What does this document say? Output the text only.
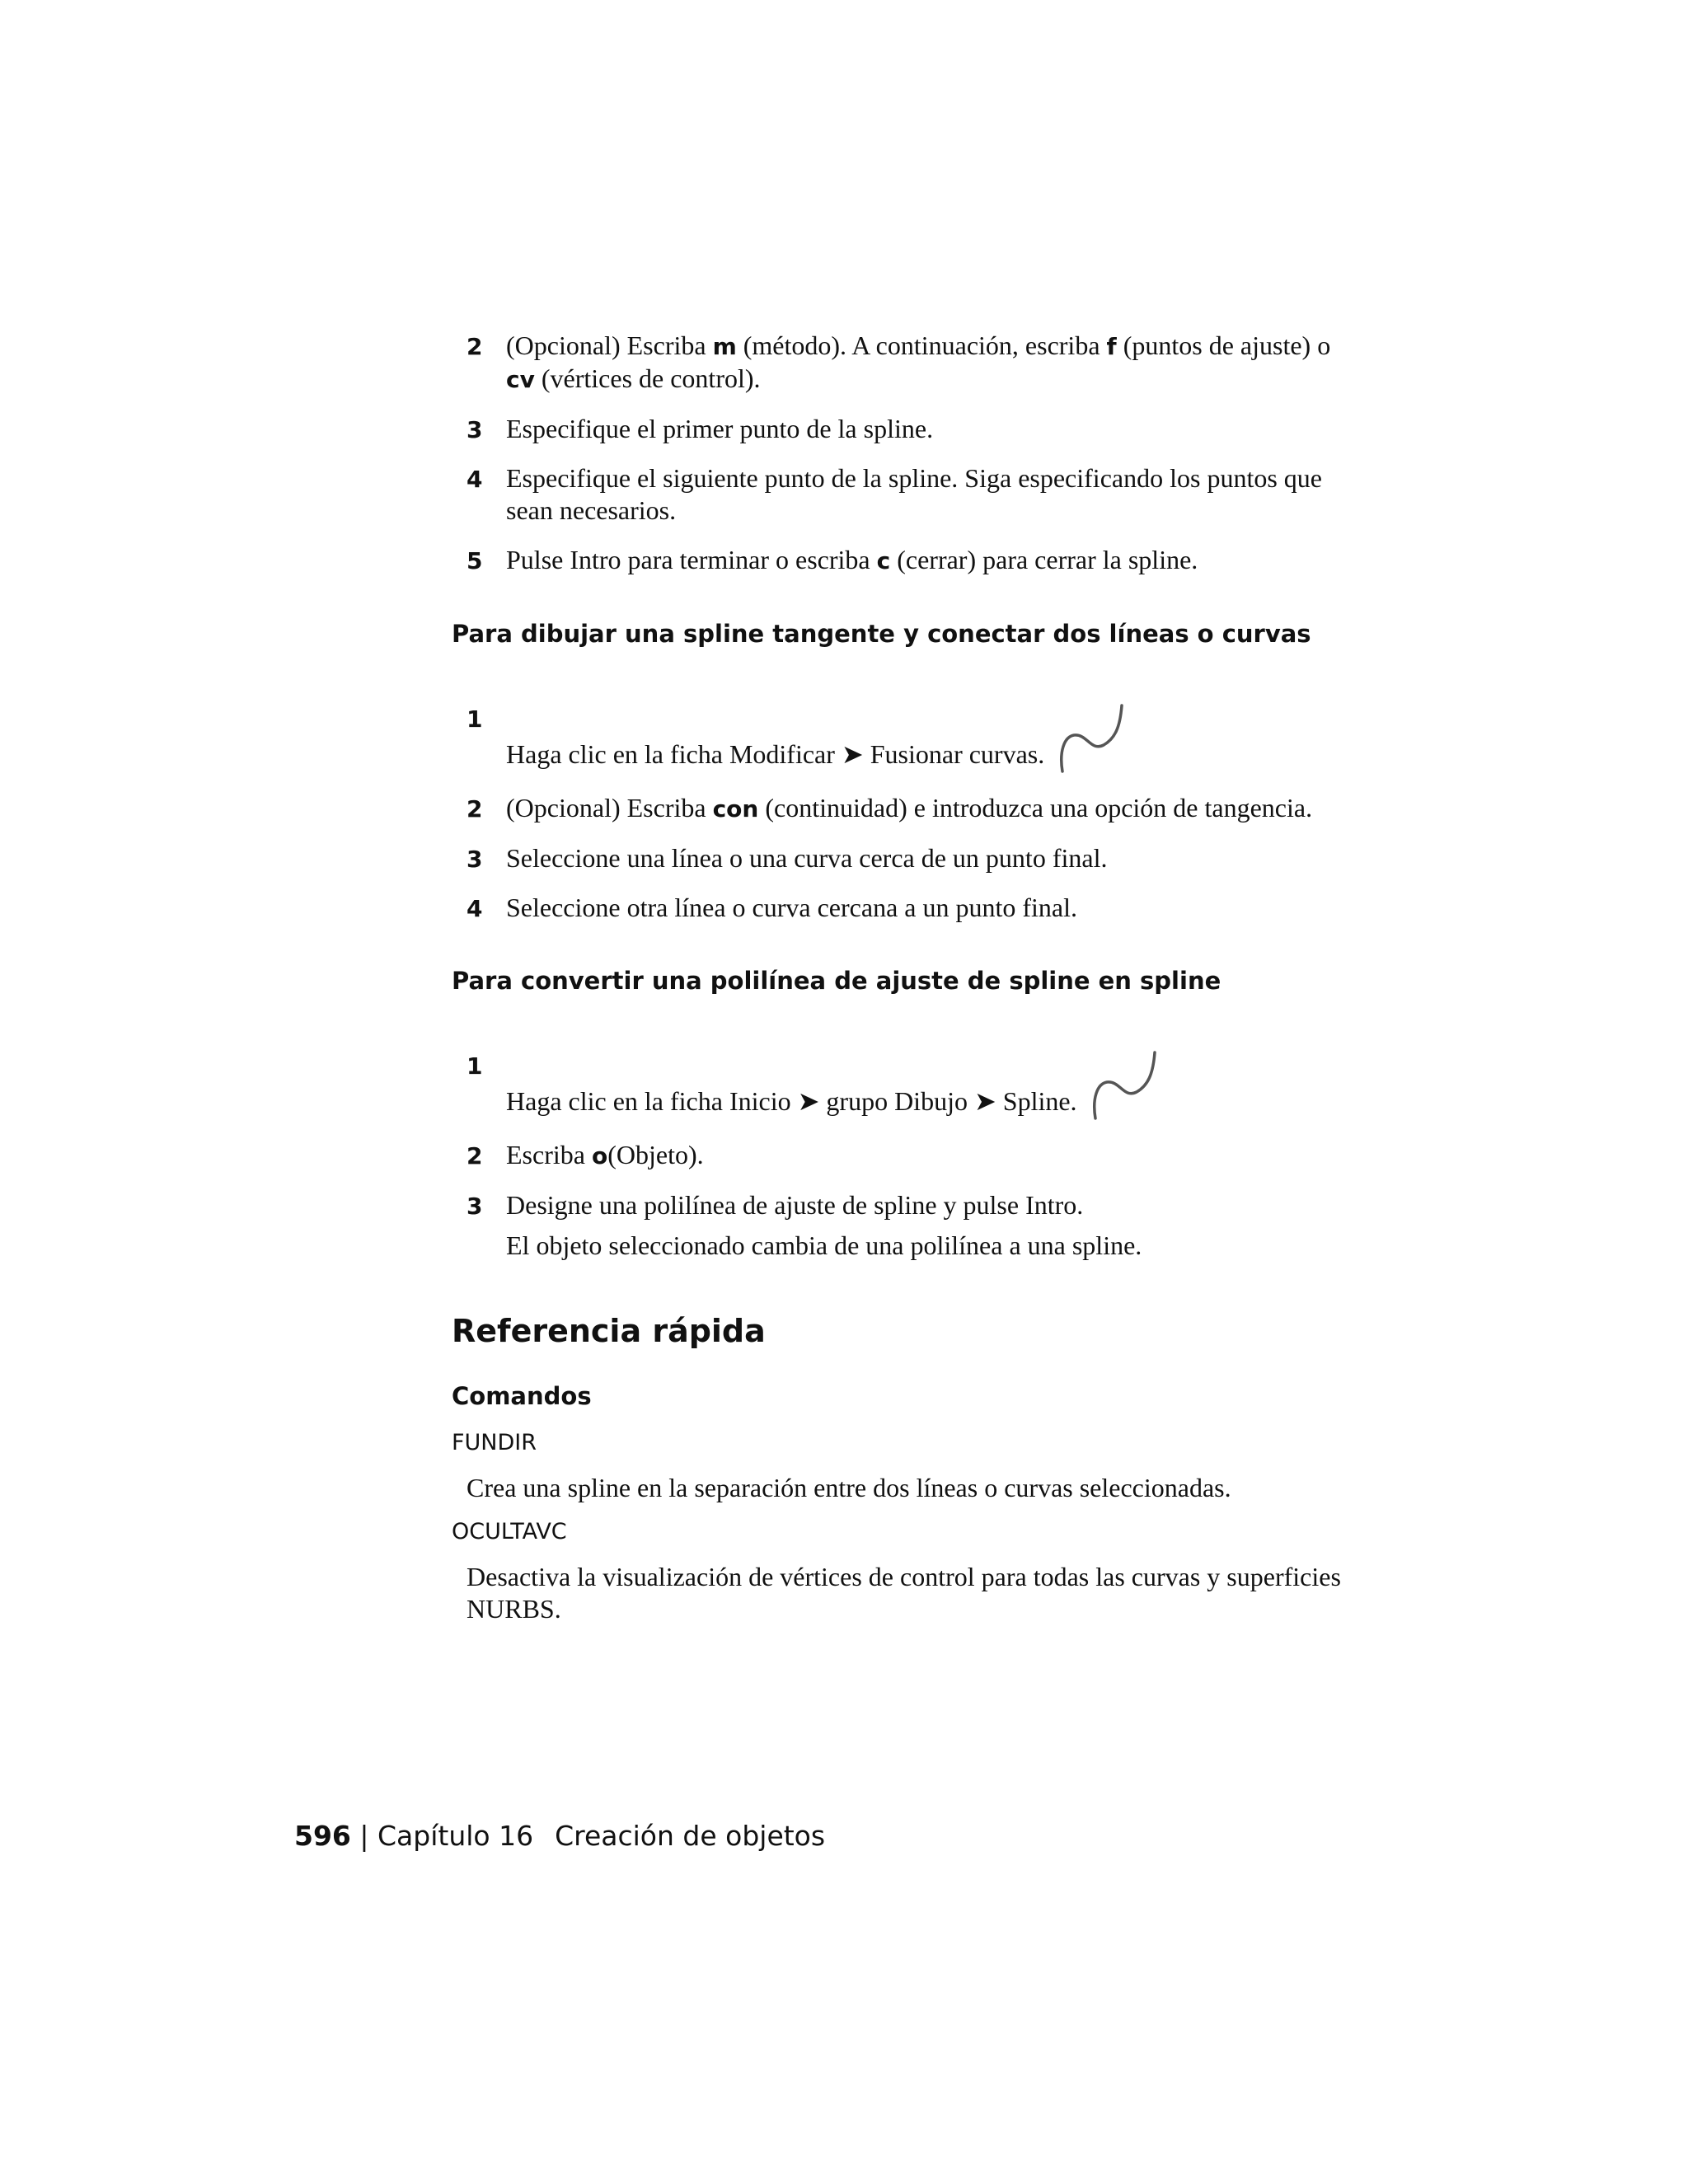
2 (Opcional) Escriba m (método). A continuación, escriba f (puntos de ajuste) o cv (vértices de control).
3 Especifique el primer punto de la spline.
4 Especifique el siguiente punto de la spline. Siga especificando los puntos que sean necesarios.
5 Pulse Intro para terminar o escriba c (cerrar) para cerrar la spline.
Para dibujar una spline tangente y conectar dos líneas o curvas
1
Haga clic en la ficha Modificar ➤ Fusionar curvas.
2 (Opcional) Escriba con (continuidad) e introduzca una opción de tangencia.
3 Seleccione una línea o una curva cerca de un punto final.
4 Seleccione otra línea o curva cercana a un punto final.
Para convertir una polilínea de ajuste de spline en spline
1
Haga clic en la ficha Inicio ➤ grupo Dibujo ➤ Spline.
2 Escriba o(Objeto).
3 Designe una polilínea de ajuste de spline y pulse Intro.
El objeto seleccionado cambia de una polilínea a una spline.
Referencia rápida
Comandos

FUNDIR

Crea una spline en la separación entre dos líneas o curvas seleccionadas.

OCULTAVC

Desactiva la visualización de vértices de control para todas las curvas y superficies NURBS.

596 | Capítulo 16 Creación de objetos
